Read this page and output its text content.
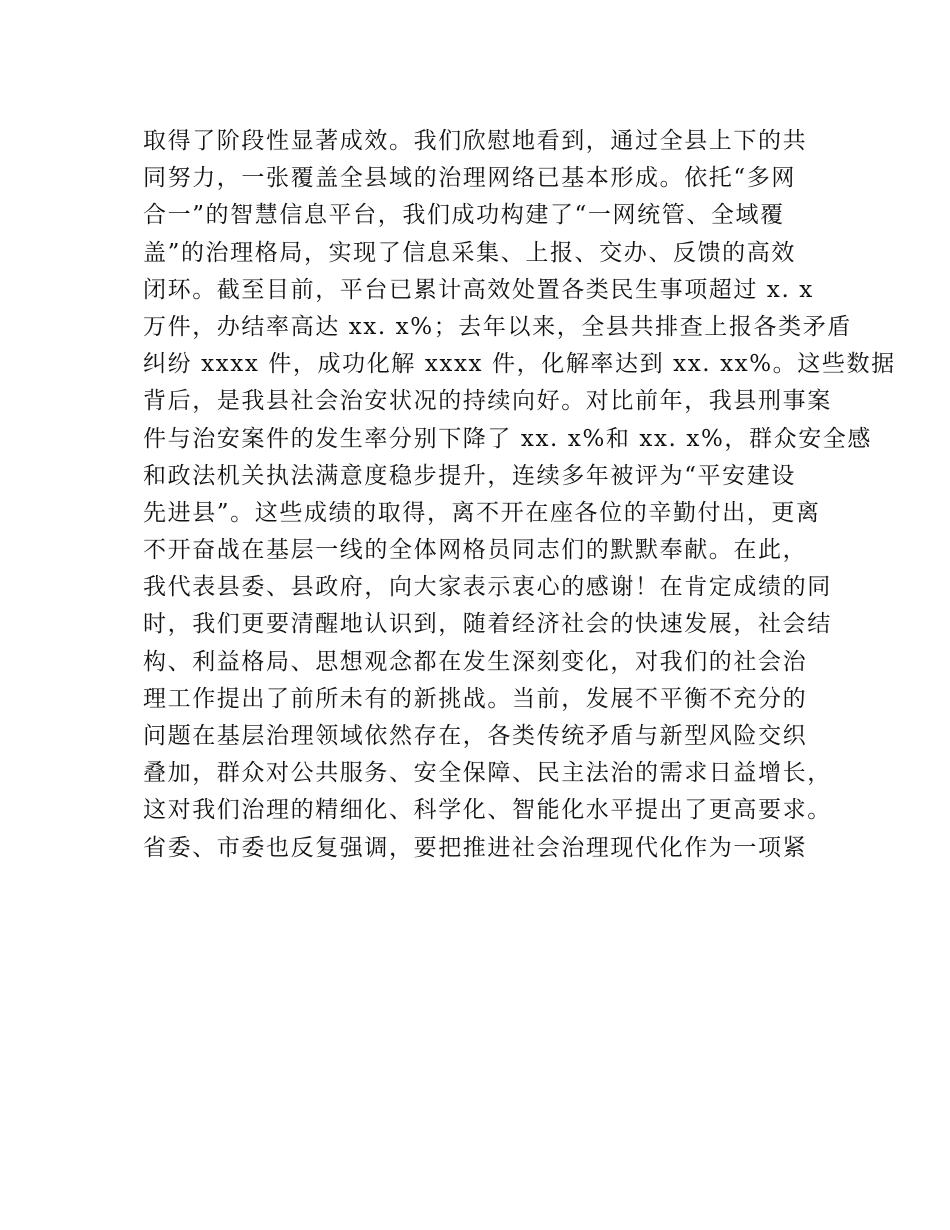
取得了阶段性显著成效。我们欣慰地看到，通过全县上下的共
同努力，一张覆盖全县域的治理网络已基本形成。依托“多网
合一”的智慧信息平台，我们成功构建了“一网统管、全域覆
盖”的治理格局，实现了信息采集、上报、交办、反馈的高效
闭环。截至目前，平台已累计高效处置各类民生事项超过 x. x
万件，办结率高达 xx. x%；去年以来，全县共排查上报各类矛盾
纠纷 xxxx 件，成功化解 xxxx 件，化解率达到 xx. xx%。这些数据
背后，是我县社会治安状况的持续向好。对比前年，我县刑事案
件与治安案件的发生率分别下降了 xx. x%和 xx. x%，群众安全感
和政法机关执法满意度稳步提升，连续多年被评为“平安建设
先进县”。这些成绩的取得，离不开在座各位的辛勤付出，更离
不开奋战在基层一线的全体网格员同志们的默默奉献。在此，
我代表县委、县政府，向大家表示衷心的感谢！在肯定成绩的同
时，我们更要清醒地认识到，随着经济社会的快速发展，社会结
构、利益格局、思想观念都在发生深刻变化，对我们的社会治
理工作提出了前所未有的新挑战。当前，发展不平衡不充分的
问题在基层治理领域依然存在，各类传统矛盾与新型风险交织
叠加，群众对公共服务、安全保障、民主法治的需求日益增长，
这对我们治理的精细化、科学化、智能化水平提出了更高要求。
省委、市委也反复强调，要把推进社会治理现代化作为一项紧
